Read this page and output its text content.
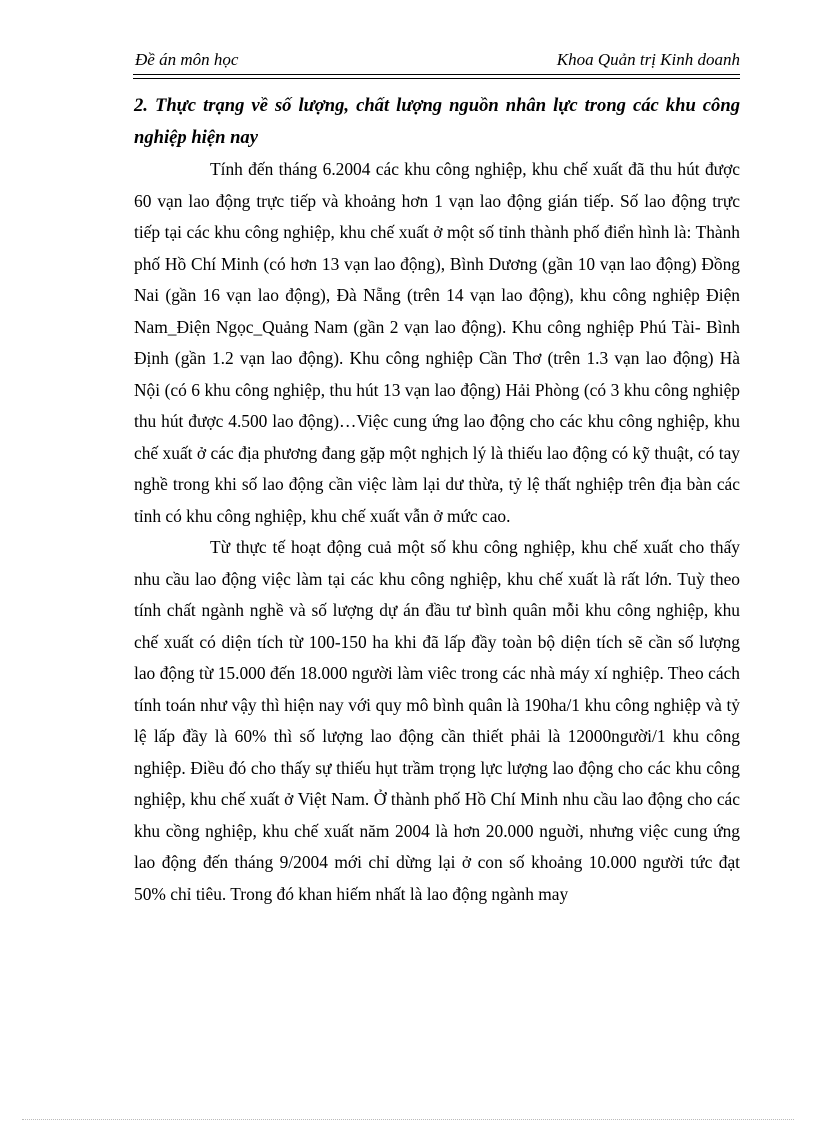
Đề án môn học	Khoa Quản trị Kinh doanh
2. Thực trạng về số lượng, chất lượng nguồn nhân lực trong các khu công nghiệp hiện nay

Tính đến tháng 6.2004 các khu công nghiệp, khu chế xuất đã thu hút được 60 vạn lao động trực tiếp và khoảng hơn 1 vạn lao động gián tiếp. Số lao động trực tiếp tại các khu công nghiệp, khu chế xuất ở một số tỉnh thành phố điển hình là: Thành phố Hồ Chí Minh (có hơn 13 vạn lao động), Bình Dương (gần 10 vạn lao động) Đồng Nai (gần 16 vạn lao động), Đà Nẵng (trên 14 vạn lao động), khu công nghiệp Điện Nam_Điện Ngọc_Quảng Nam (gần 2 vạn lao động). Khu công nghiệp Phú Tài- Bình Định (gần 1.2 vạn lao động). Khu công nghiệp Cần Thơ (trên 1.3 vạn lao động) Hà Nội (có 6 khu công nghiệp, thu hút 13 vạn lao động) Hải Phòng (có 3 khu công nghiệp thu hút được 4.500 lao động)…Việc cung ứng lao động cho các khu công nghiệp, khu chế xuất ở các địa phương đang gặp một nghịch lý là thiếu lao động có kỹ thuật, có tay nghề trong khi số lao động cần việc làm lại dư thừa, tỷ lệ thất nghiệp trên địa bàn các tỉnh có khu công nghiệp, khu chế xuất vẫn ở mức cao.

Từ thực tế hoạt động cuả một số khu công nghiệp, khu chế xuất cho thấy nhu cầu lao động việc làm tại các khu công nghiệp, khu chế xuất là rất lớn. Tuỳ theo tính chất ngành nghề và số lượng dự án đầu tư bình quân mỗi khu công nghiệp, khu chế xuất có diện tích từ 100-150 ha khi đã lấp đầy toàn bộ diện tích sẽ cần số lượng lao động từ 15.000 đến 18.000 người làm viêc trong các nhà máy xí nghiệp. Theo cách tính toán như vậy thì hiện nay với quy mô bình quân là 190ha/1 khu công nghiệp và tỷ lệ lấp đầy là 60% thì số lượng lao động cần thiết phải là 12000người/1 khu công nghiệp. Điều đó cho thấy sự thiếu hụt trầm trọng lực lượng lao động cho các khu công nghiệp, khu chế xuất ở Việt Nam. Ở thành phố Hồ Chí Minh nhu cầu lao động cho các khu cồng nghiệp, khu chế xuất năm 2004 là hơn 20.000 nguời, nhưng việc cung ứng lao động đến tháng 9/2004 mới chỉ dừng lại ở con số khoảng 10.000 người tức đạt 50% chỉ tiêu. Trong đó khan hiếm nhất là lao động ngành may
